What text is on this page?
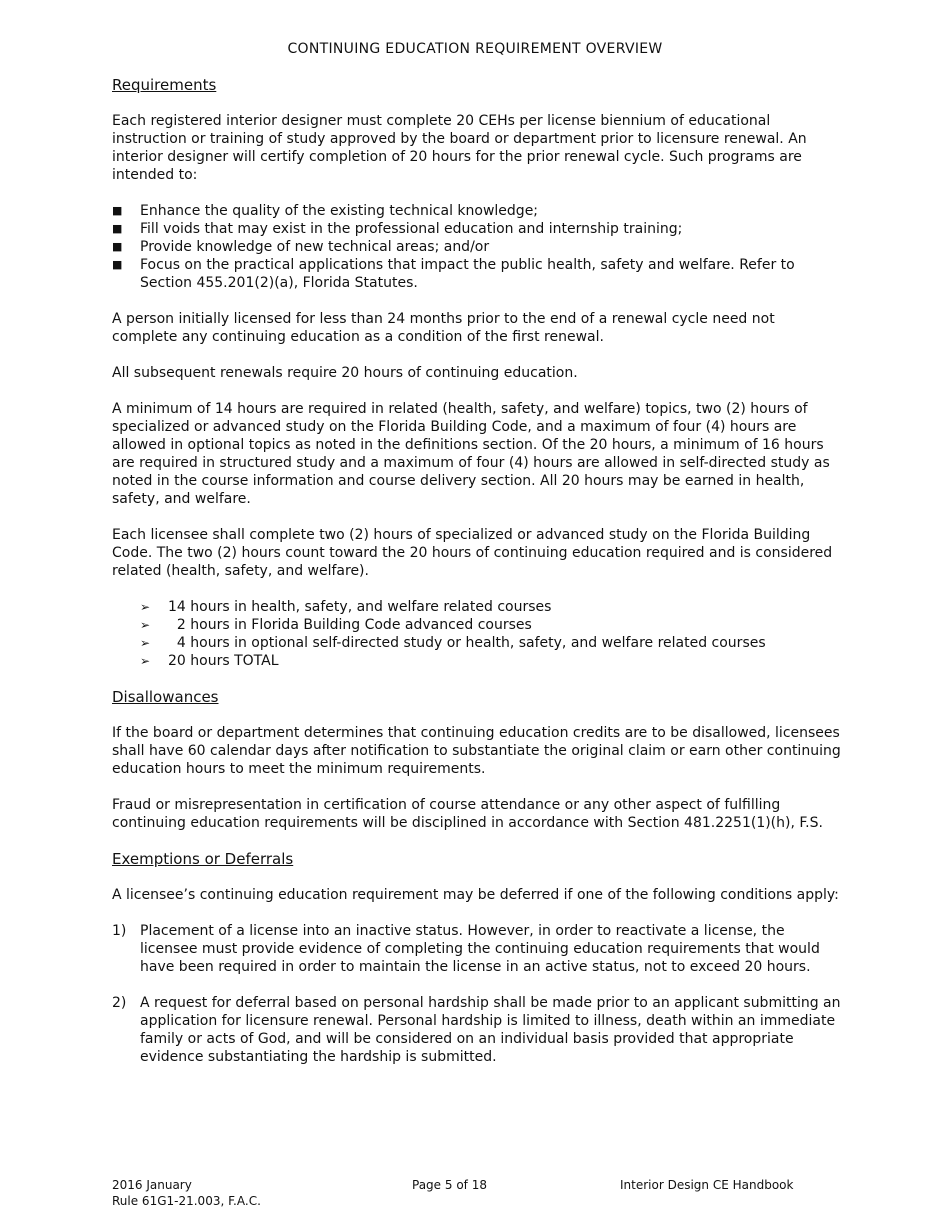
CONTINUING EDUCATION REQUIREMENT OVERVIEW
Requirements

Each registered interior designer must complete 20 CEHs per license biennium of educational instruction or training of study approved by the board or department prior to licensure renewal. An interior designer will certify completion of 20 hours for the prior renewal cycle. Such programs are intended to:

■ Enhance the quality of the existing technical knowledge;
■ Fill voids that may exist in the professional education and internship training;
■ Provide knowledge of new technical areas; and/or
■ Focus on the practical applications that impact the public health, safety and welfare. Refer to Section 455.201(2)(a), Florida Statutes.

A person initially licensed for less than 24 months prior to the end of a renewal cycle need not complete any continuing education as a condition of the first renewal.

All subsequent renewals require 20 hours of continuing education.

A minimum of 14 hours are required in related (health, safety, and welfare) topics, two (2) hours of specialized or advanced study on the Florida Building Code, and a maximum of four (4) hours are allowed in optional topics as noted in the definitions section. Of the 20 hours, a minimum of 16 hours are required in structured study and a maximum of four (4) hours are allowed in self-directed study as noted in the course information and course delivery section. All 20 hours may be earned in health, safety, and welfare.

Each licensee shall complete two (2) hours of specialized or advanced study on the Florida Building Code. The two (2) hours count toward the 20 hours of continuing education required and is considered related (health, safety, and welfare).

➢ 14 hours in health, safety, and welfare related courses
➢ 2 hours in Florida Building Code advanced courses
➢ 4 hours in optional self-directed study or health, safety, and welfare related courses
➢ 20 hours TOTAL
Disallowances

If the board or department determines that continuing education credits are to be disallowed, licensees shall have 60 calendar days after notification to substantiate the original claim or earn other continuing education hours to meet the minimum requirements.

Fraud or misrepresentation in certification of course attendance or any other aspect of fulfilling continuing education requirements will be disciplined in accordance with Section 481.2251(1)(h), F.S.

Exemptions or Deferrals

A licensee’s continuing education requirement may be deferred if one of the following conditions apply:

1) Placement of a license into an inactive status. However, in order to reactivate a license, the licensee must provide evidence of completing the continuing education requirements that would have been required in order to maintain the license in an active status, not to exceed 20 hours.
2) A request for deferral based on personal hardship shall be made prior to an applicant submitting an application for licensure renewal. Personal hardship is limited to illness, death within an immediate family or acts of God, and will be considered on an individual basis provided that appropriate evidence substantiating the hardship is submitted.
2016 January
Rule 61G1-21.003, F.A.C.
Page 5 of 18	Interior Design CE Handbook
